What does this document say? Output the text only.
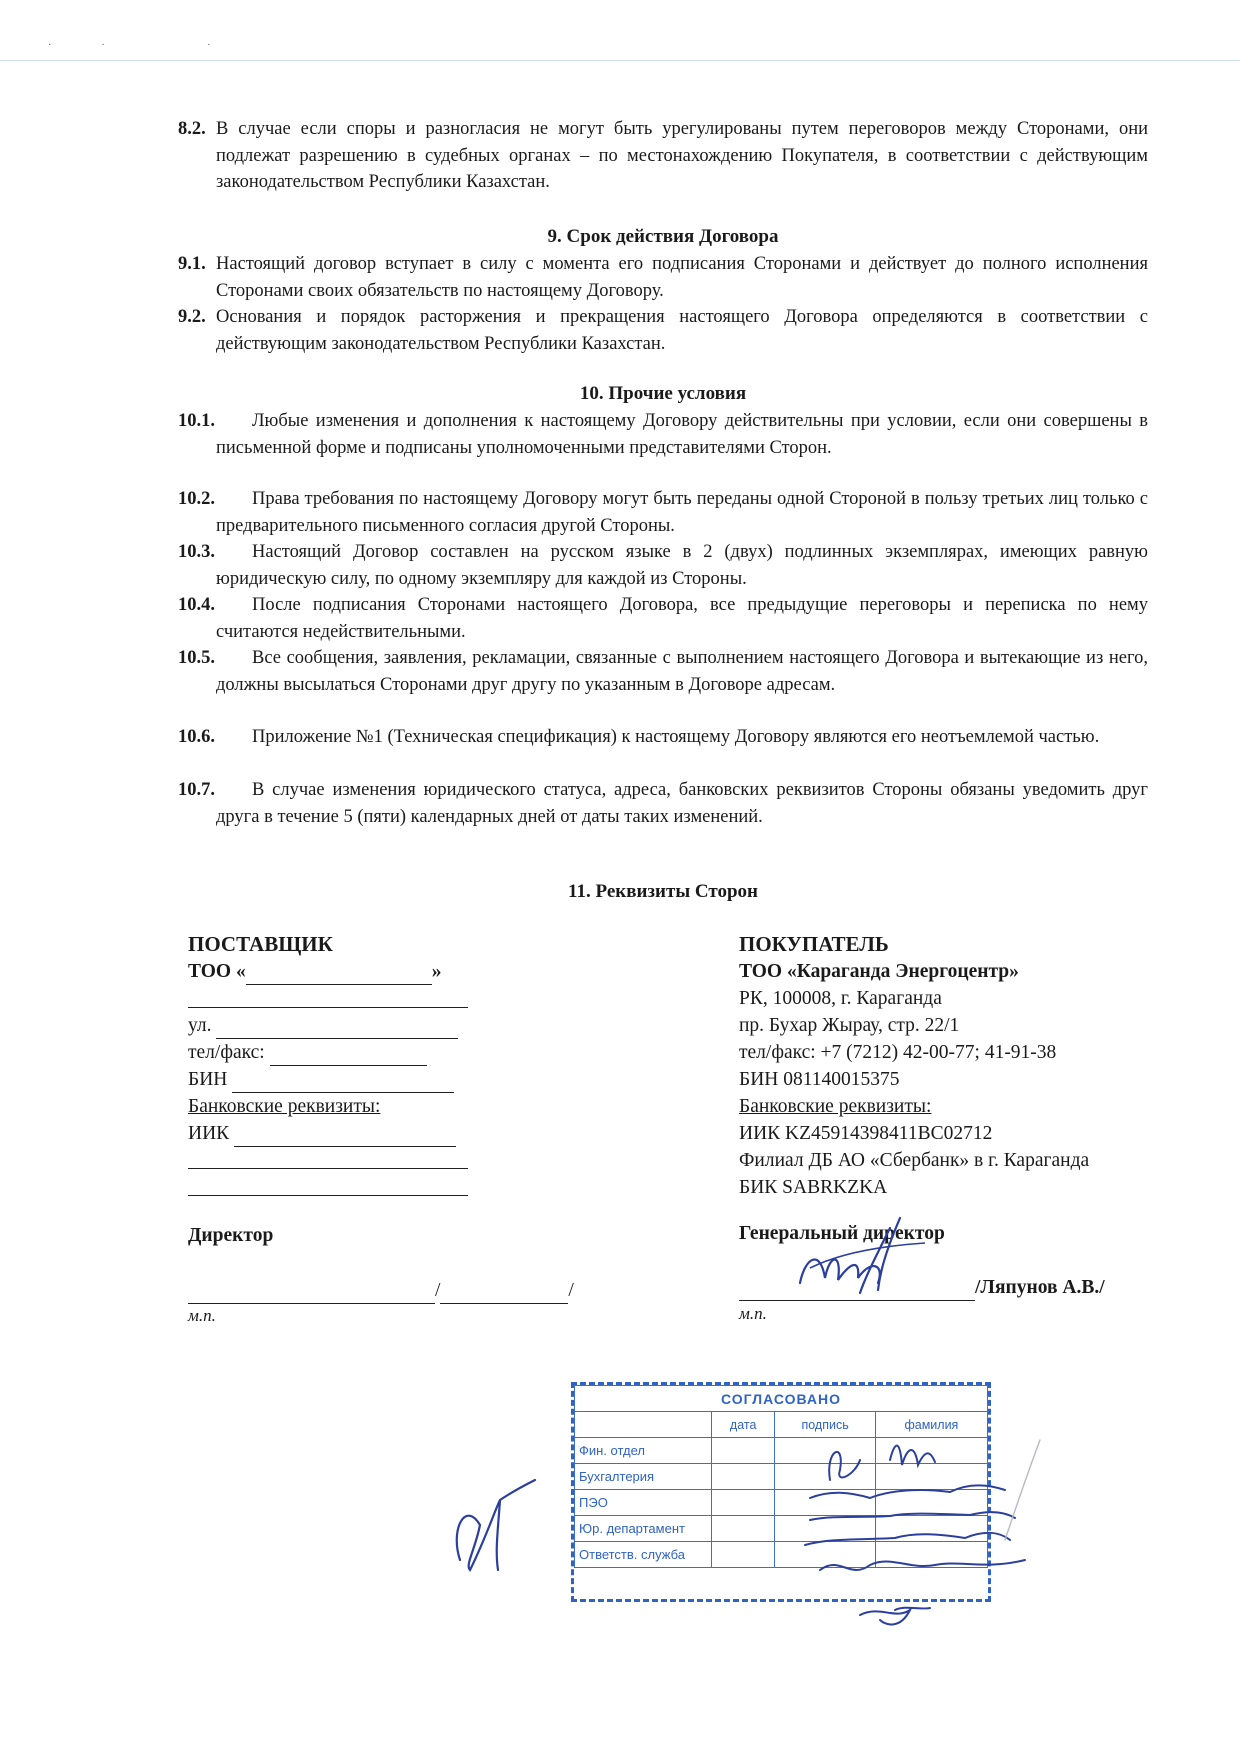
·· ·
8.2. В случае если споры и разногласия не могут быть урегулированы путем переговоров между Сторонами, они подлежат разрешению в судебных органах – по местонахождению Покупателя, в соответствии с действующим законодательством Республики Казахстан.
9. Срок действия Договора
9.1. Настоящий договор вступает в силу с момента его подписания Сторонами и действует до полного исполнения Сторонами своих обязательств по настоящему Договору.
9.2. Основания и порядок расторжения и прекращения настоящего Договора определяются в соответствии с действующим законодательством Республики Казахстан.
10. Прочие условия
10.1.	Любые изменения и дополнения к настоящему Договору действительны при условии, если они совершены в письменной форме и подписаны уполномоченными представителями Сторон.
10.2.	Права требования по настоящему Договору могут быть переданы одной Стороной в пользу третьих лиц только с предварительного письменного согласия другой Стороны.
10.3.	Настоящий Договор составлен на русском языке в 2 (двух) подлинных экземплярах, имеющих равную юридическую силу, по одному экземпляру для каждой из Стороны.
10.4.	После подписания Сторонами настоящего Договора, все предыдущие переговоры и переписка по нему считаются недействительными.
10.5.	Все сообщения, заявления, рекламации, связанные с выполнением настоящего Договора и вытекающие из него, должны высылаться Сторонами друг другу по указанным в Договоре адресам.
10.6.	Приложение №1 (Техническая спецификация) к настоящему Договору являются его неотъемлемой частью.
10.7.	В случае изменения юридического статуса, адреса, банковских реквизитов Стороны обязаны уведомить друг друга в течение 5 (пяти) календарных дней от даты таких изменений.
11. Реквизиты Сторон
ПОСТАВЩИК
ТОО «	»
ул.
тел/факс:
БИН
Банковские реквизиты:
ИИК
Директор
/	/
м.п.
ПОКУПАТЕЛЬ
ТОО «Караганда Энергоцентр»
РК, 100008, г. Караганда
пр. Бухар Жырау, стр. 22/1
тел/факс: +7 (7212) 42-00-77; 41-91-38
БИН 081140015375
Банковские реквизиты:
ИИК KZ45914398411BC02712
Филиал ДБ АО «Сбербанк» в г. Караганда
БИК SABRKZKA
Генеральный директор
/Ляпунов А.В./
м.п.
СОГЛАСОВАНО			
	дата	подпись	фамилия
Фин. отдел			
Бухгалтерия			
ПЭО			
Юр. департамент			
Ответств. служба			
